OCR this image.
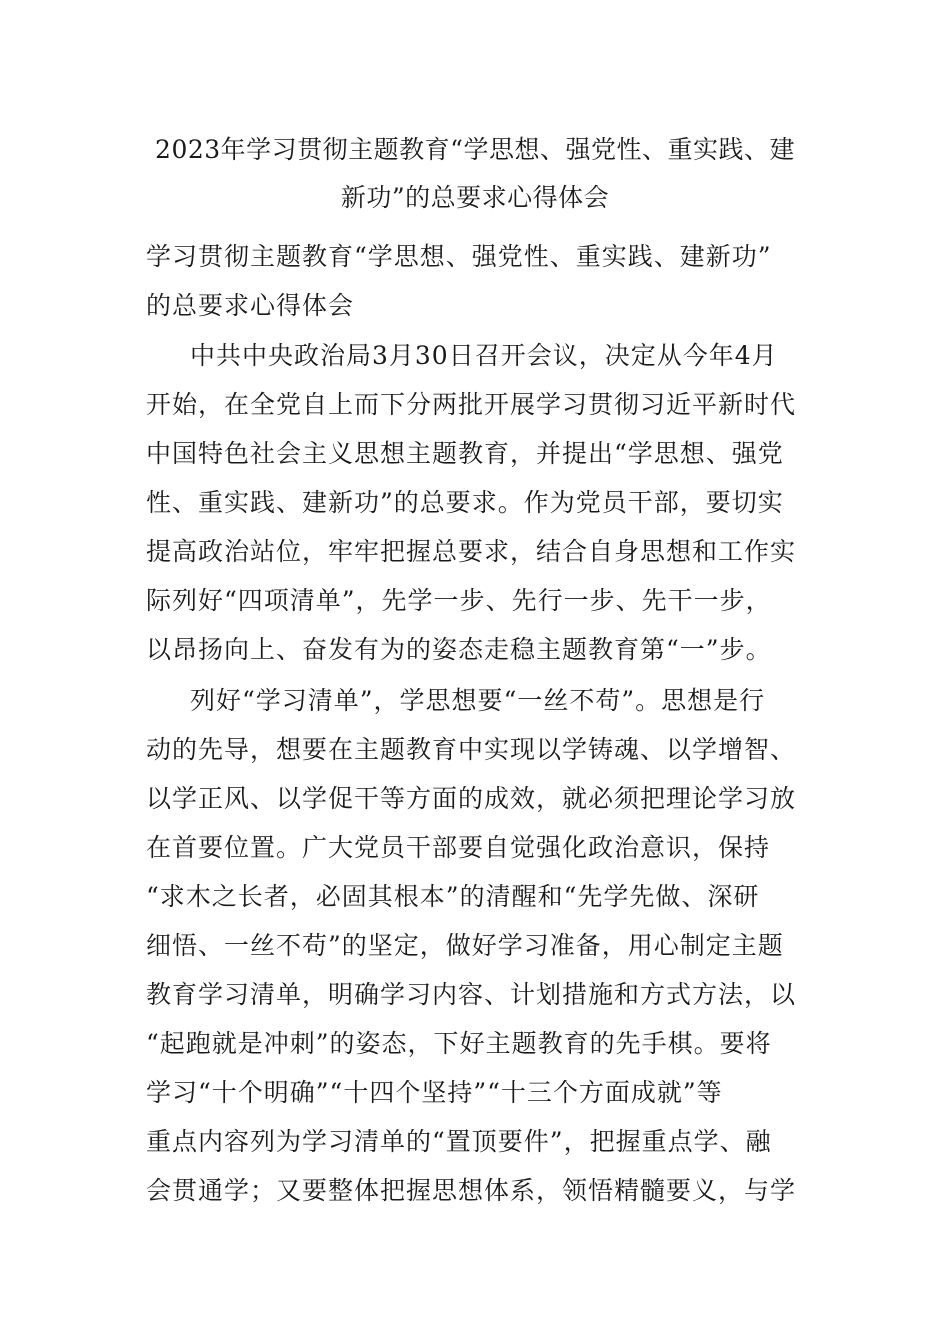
2023年学习贯彻主题教育“学思想、强党性、重实践、建
新功”的总要求心得体会
学习贯彻主题教育“学思想、强党性、重实践、建新功”
的总要求心得体会
中共中央政治局3月30日召开会议，决定从今年4月
开始，在全党自上而下分两批开展学习贯彻习近平新时代
中国特色社会主义思想主题教育，并提出“学思想、强党
性、重实践、建新功”的总要求。作为党员干部，要切实
提高政治站位，牢牢把握总要求，结合自身思想和工作实
际列好“四项清单”，先学一步、先行一步、先干一步，
以昂扬向上、奋发有为的姿态走稳主题教育第“一”步。
列好“学习清单”，学思想要“一丝不苟”。思想是行
动的先导，想要在主题教育中实现以学铸魂、以学增智、
以学正风、以学促干等方面的成效，就必须把理论学习放
在首要位置。广大党员干部要自觉强化政治意识，保持
“求木之长者，必固其根本”的清醒和“先学先做、深研
细悟、一丝不苟”的坚定，做好学习准备，用心制定主题
教育学习清单，明确学习内容、计划措施和方式方法，以
“起跑就是冲刺”的姿态，下好主题教育的先手棋。要将
学习“十个明确”“十四个坚持”“十三个方面成就”等
重点内容列为学习清单的“置顶要件”，把握重点学、融
会贯通学；又要整体把握思想体系，领悟精髓要义，与学
